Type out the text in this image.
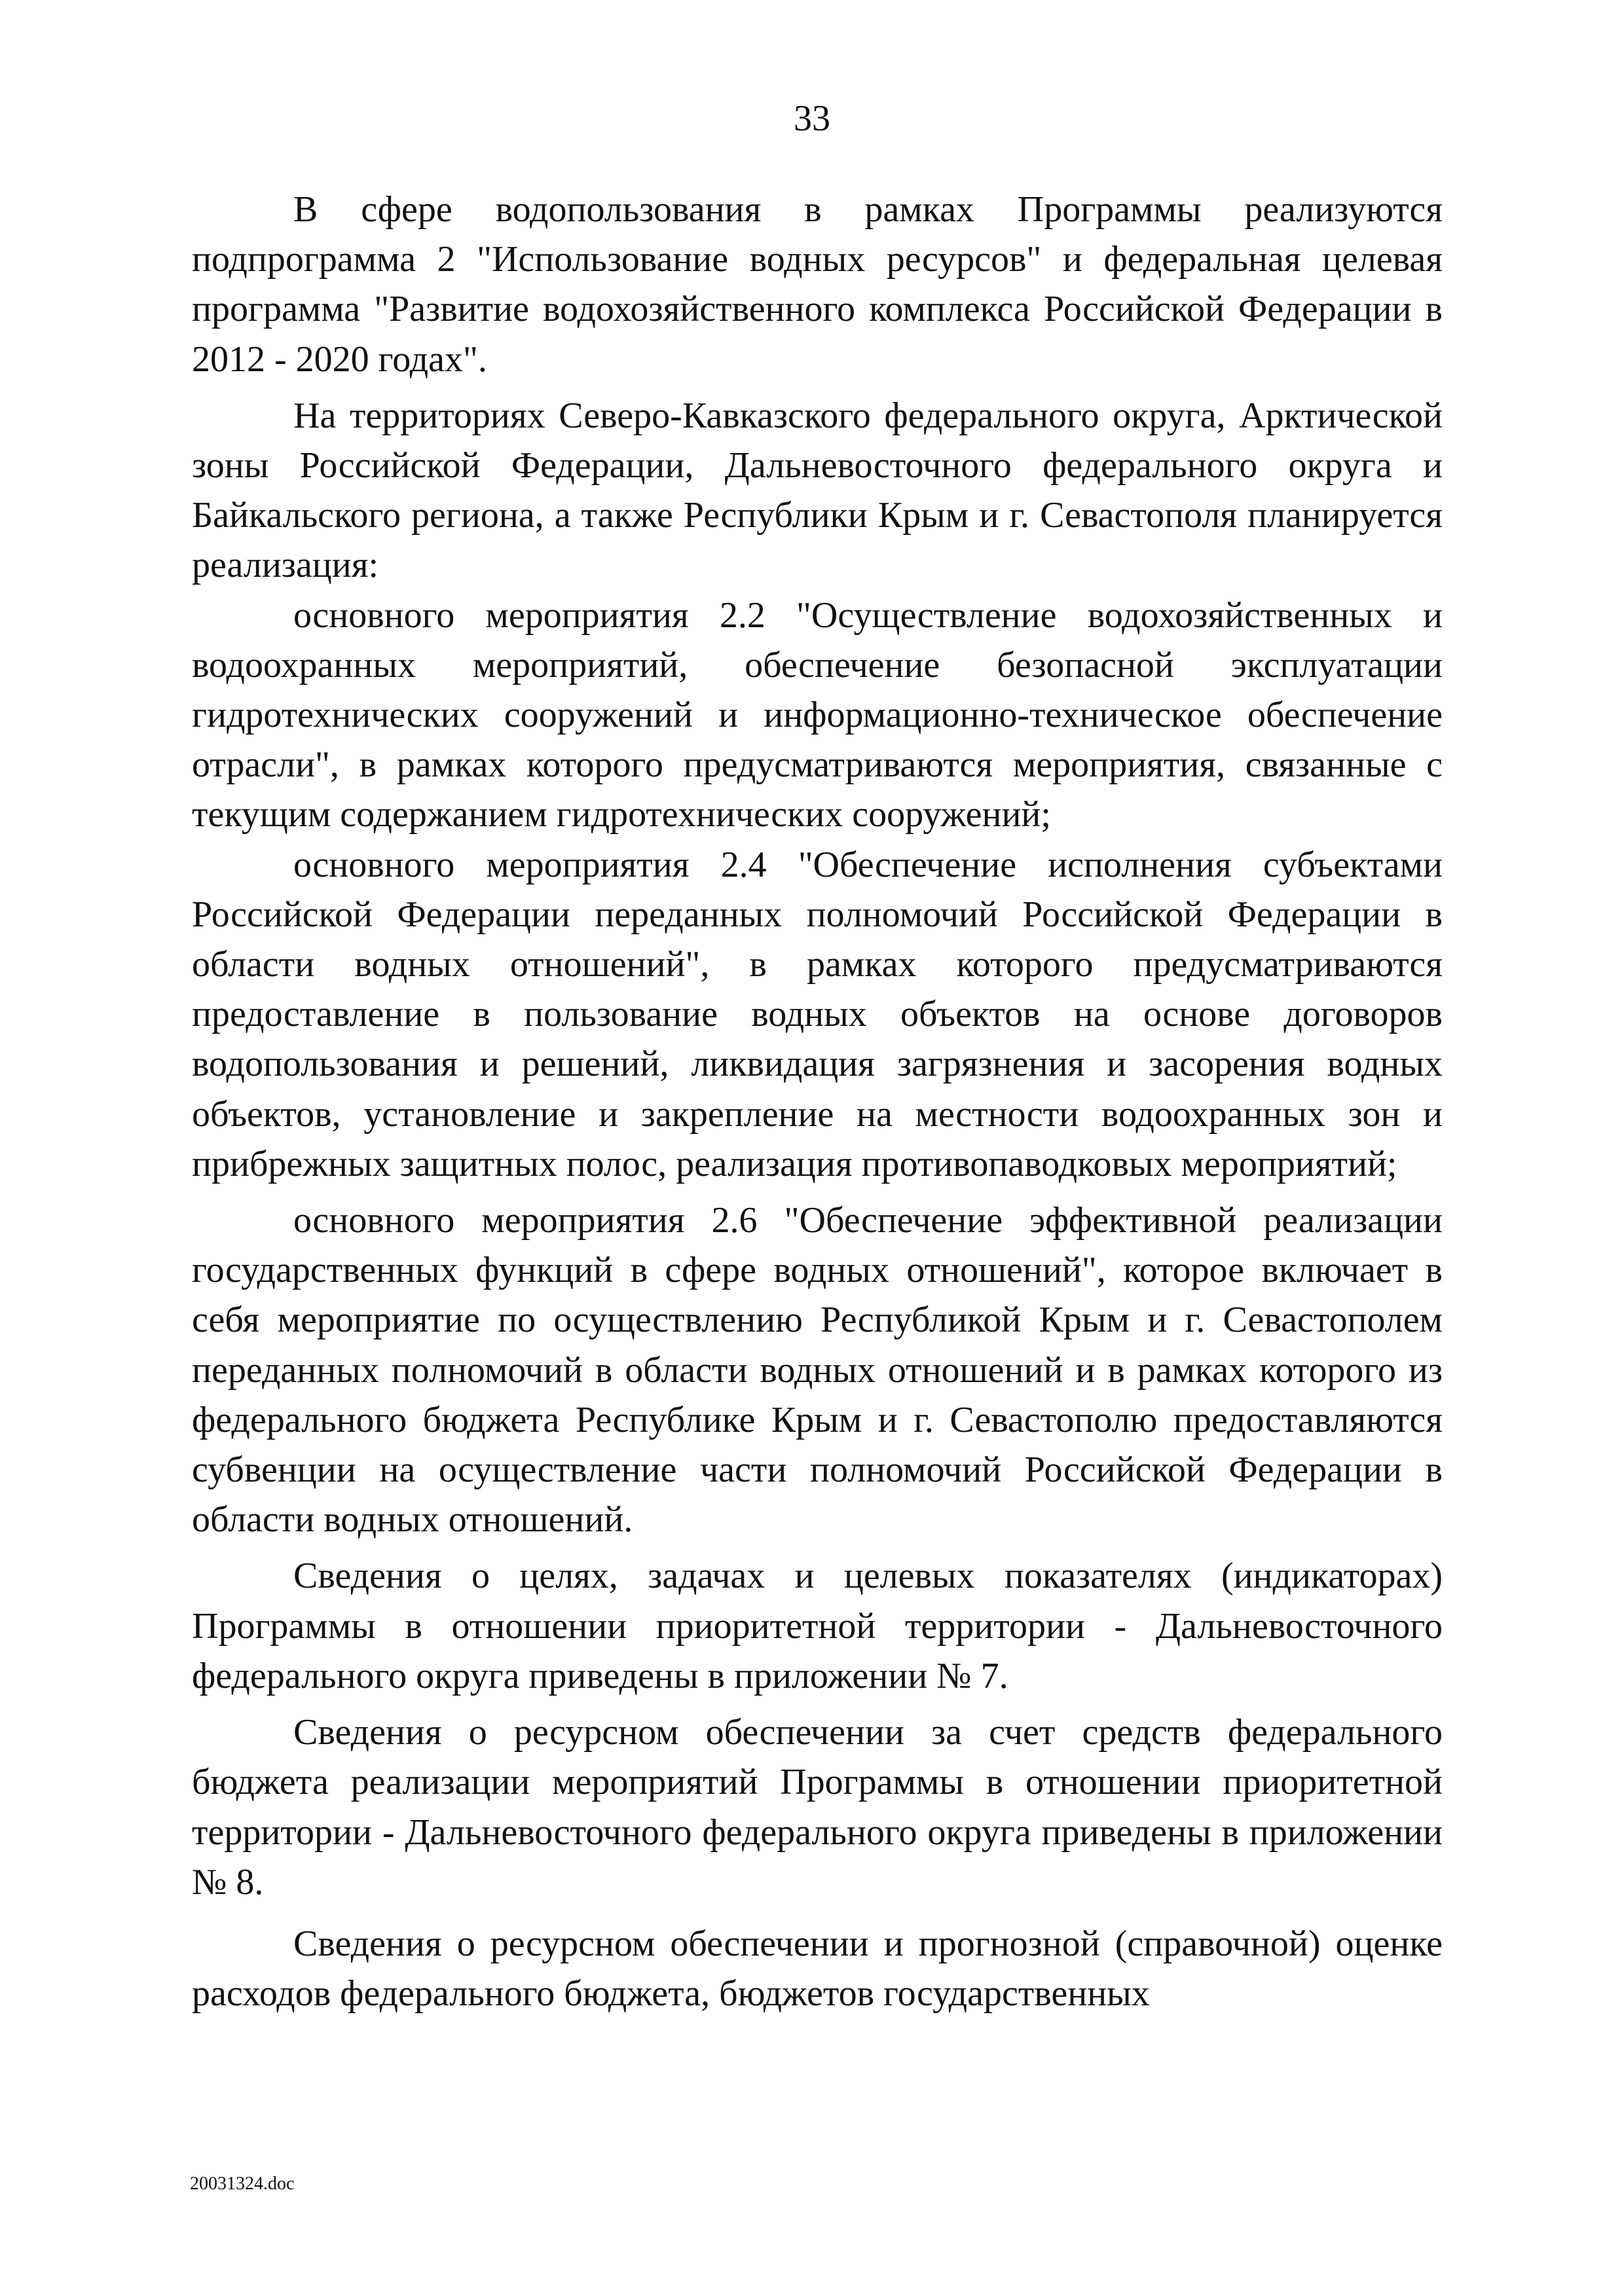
33

В сфере водопользования в рамках Программы реализуются подпрограмма 2 "Использование водных ресурсов" и федеральная целевая программа "Развитие водохозяйственного комплекса Российской Федерации в 2012 - 2020 годах".

На территориях Северо-Кавказского федерального округа, Арктической зоны Российской Федерации, Дальневосточного федерального округа и Байкальского региона, а также Республики Крым и г. Севастополя планируется реализация:

основного мероприятия 2.2 "Осуществление водохозяйственных и водоохранных мероприятий, обеспечение безопасной эксплуатации гидротехнических сооружений и информационно-техническое обеспечение отрасли", в рамках которого предусматриваются мероприятия, связанные с текущим содержанием гидротехнических сооружений;

основного мероприятия 2.4 "Обеспечение исполнения субъектами Российской Федерации переданных полномочий Российской Федерации в области водных отношений", в рамках которого предусматриваются предоставление в пользование водных объектов на основе договоров водопользования и решений, ликвидация загрязнения и засорения водных объектов, установление и закрепление на местности водоохранных зон и прибрежных защитных полос, реализация противопаводковых мероприятий;

основного мероприятия 2.6 "Обеспечение эффективной реализации государственных функций в сфере водных отношений", которое включает в себя мероприятие по осуществлению Республикой Крым и г. Севастополем переданных полномочий в области водных отношений и в рамках которого из федерального бюджета Республике Крым и г. Севастополю предоставляются субвенции на осуществление части полномочий Российской Федерации в области водных отношений.

Сведения о целях, задачах и целевых показателях (индикаторах) Программы в отношении приоритетной территории - Дальневосточного федерального округа приведены в приложении № 7.

Сведения о ресурсном обеспечении за счет средств федерального бюджета реализации мероприятий Программы в отношении приоритетной территории - Дальневосточного федерального округа приведены в приложении № 8.

Сведения о ресурсном обеспечении и прогнозной (справочной) оценке расходов федерального бюджета, бюджетов государственных

20031324.doc
